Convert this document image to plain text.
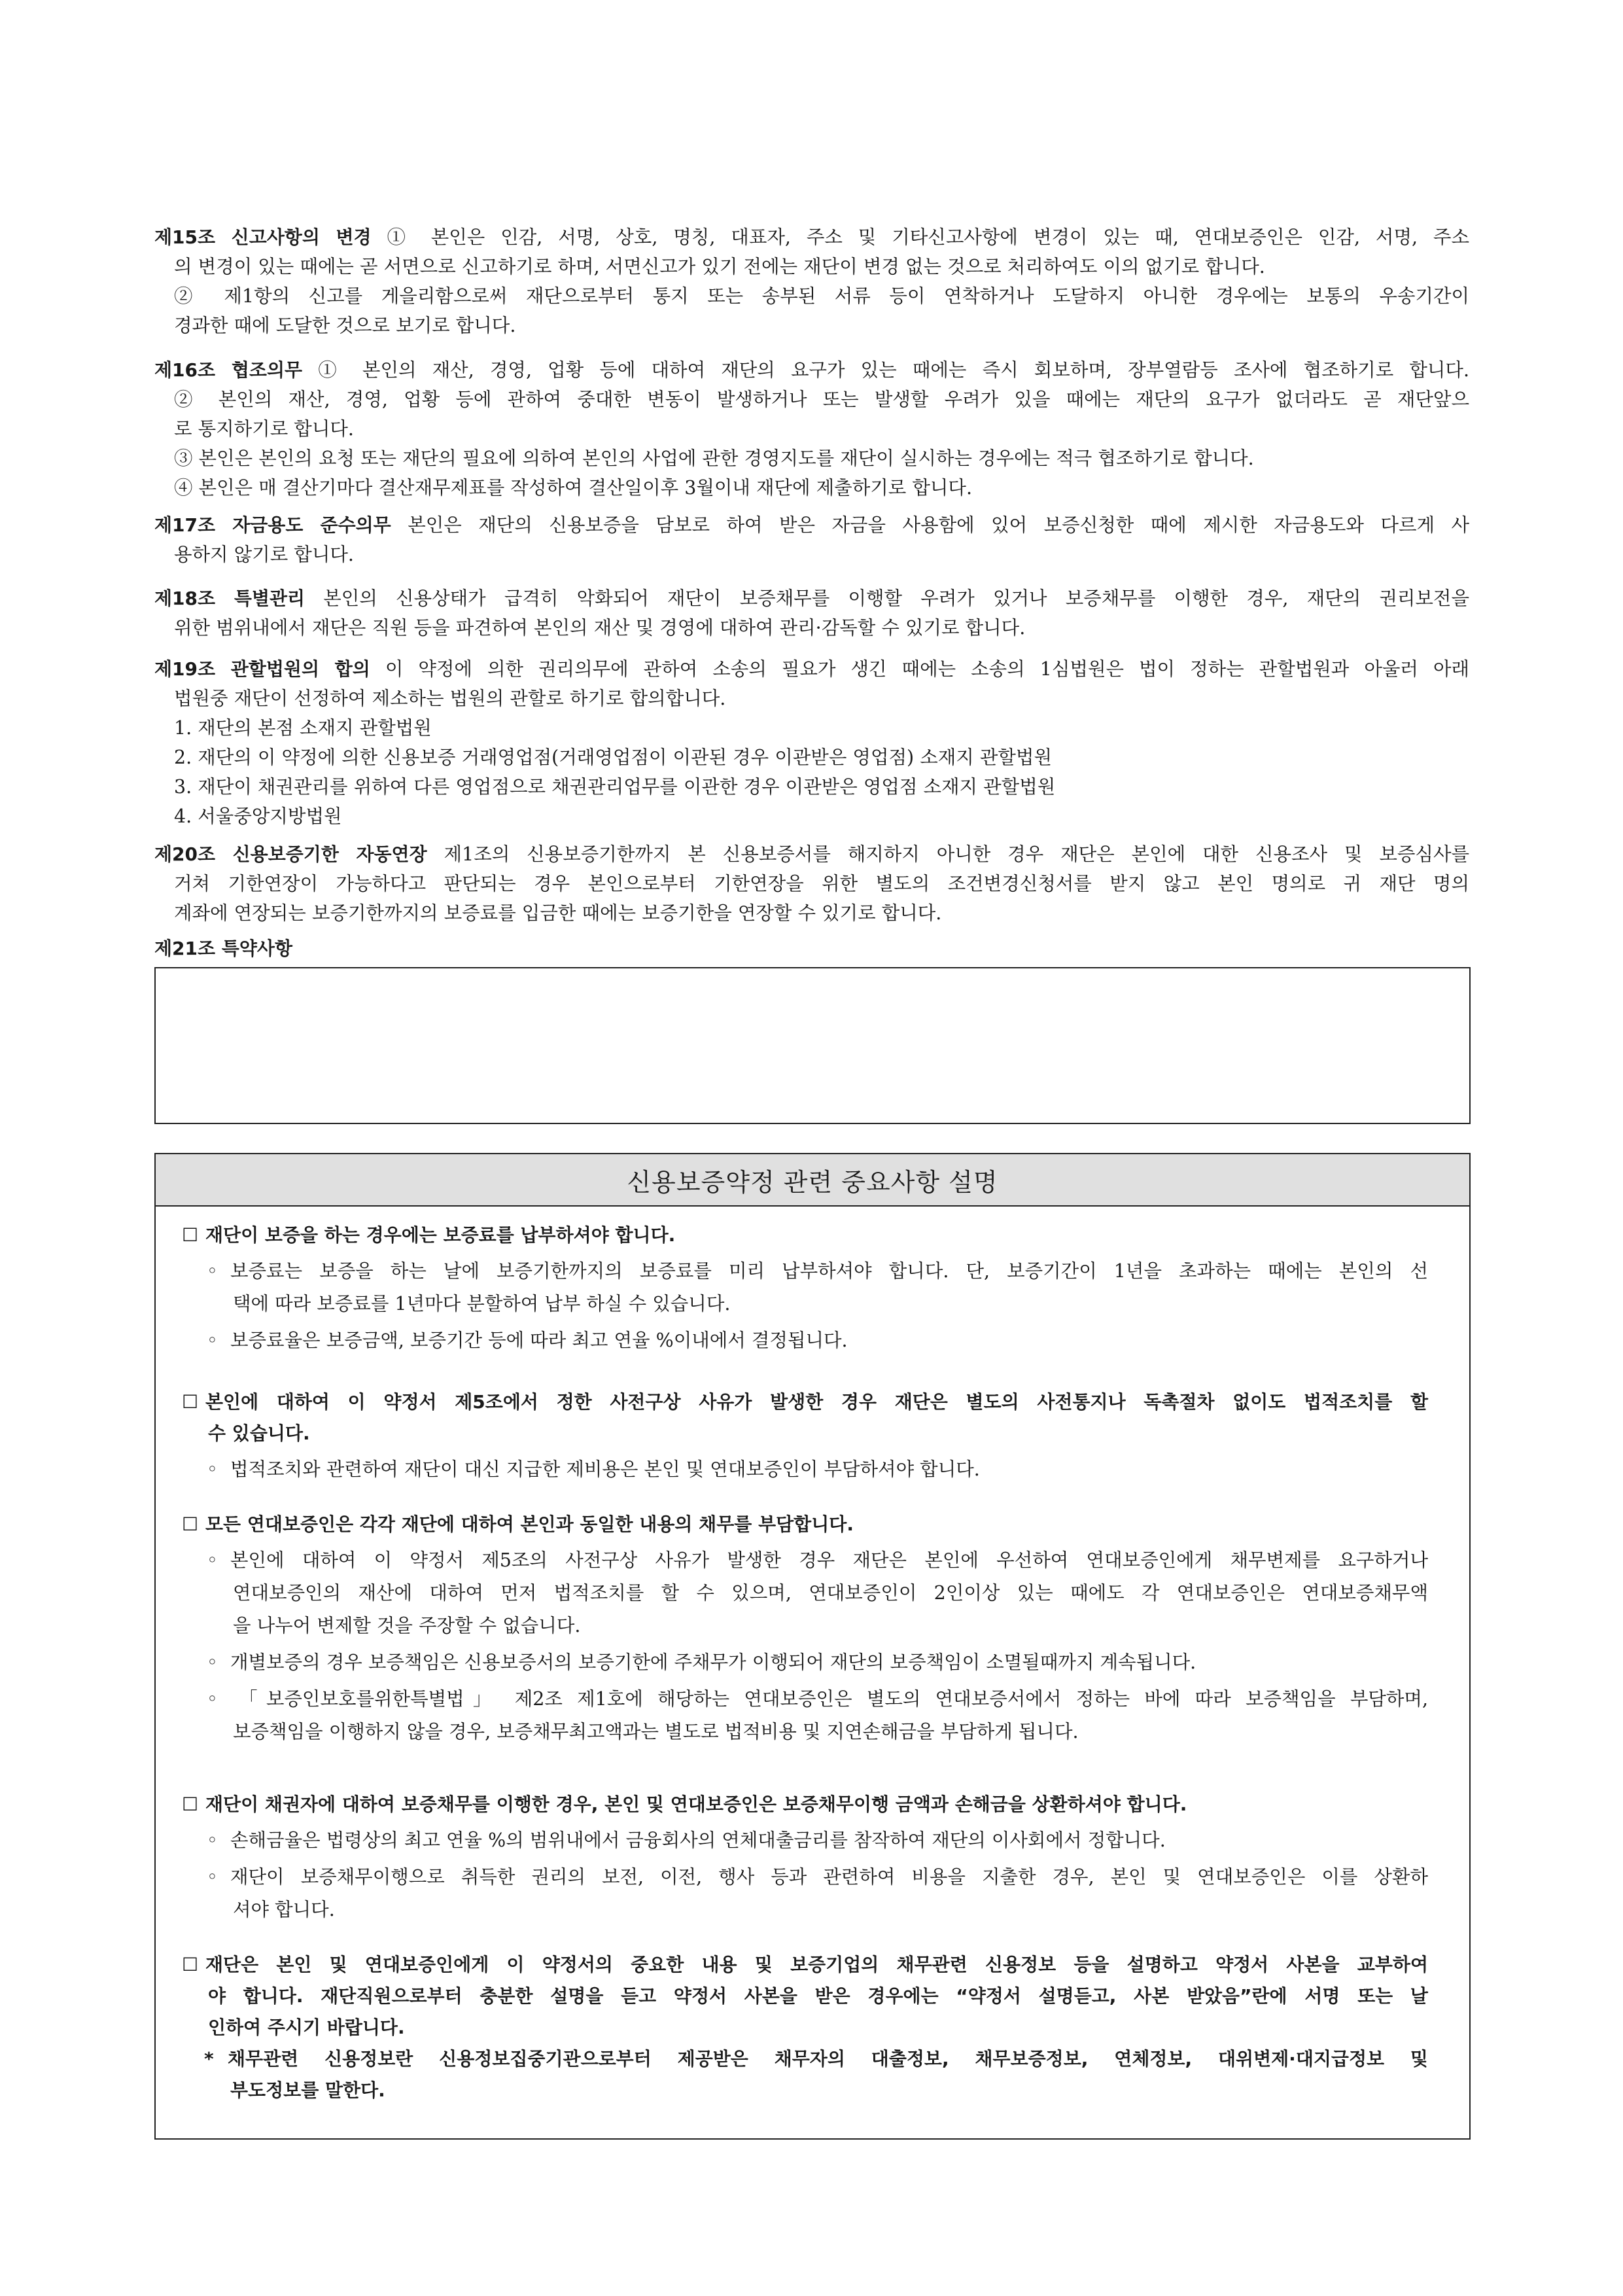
제15조 신고사항의 변경 ① 본인은 인감, 서명, 상호, 명칭, 대표자, 주소 및 기타신고사항에 변경이 있는 때, 연대보증인은 인감, 서명, 주소
의 변경이 있는 때에는 곧 서면으로 신고하기로 하며, 서면신고가 있기 전에는 재단이 변경 없는 것으로 처리하여도 이의 없기로 합니다.
② 제1항의 신고를 게을리함으로써 재단으로부터 통지 또는 송부된 서류 등이 연착하거나 도달하지 아니한 경우에는 보통의 우송기간이
경과한 때에 도달한 것으로 보기로 합니다.
제16조 협조의무 ① 본인의 재산, 경영, 업황 등에 대하여 재단의 요구가 있는 때에는 즉시 회보하며, 장부열람등 조사에 협조하기로 합니다.
② 본인의 재산, 경영, 업황 등에 관하여 중대한 변동이 발생하거나 또는 발생할 우려가 있을 때에는 재단의 요구가 없더라도 곧 재단앞으
로 통지하기로 합니다.
③ 본인은 본인의 요청 또는 재단의 필요에 의하여 본인의 사업에 관한 경영지도를 재단이 실시하는 경우에는 적극 협조하기로 합니다.
④ 본인은 매 결산기마다 결산재무제표를 작성하여 결산일이후 3월이내 재단에 제출하기로 합니다.
제17조 자금용도 준수의무 본인은 재단의 신용보증을 담보로 하여 받은 자금을 사용함에 있어 보증신청한 때에 제시한 자금용도와 다르게 사
용하지 않기로 합니다.
제18조 특별관리 본인의 신용상태가 급격히 악화되어 재단이 보증채무를 이행할 우려가 있거나 보증채무를 이행한 경우, 재단의 권리보전을
위한 범위내에서 재단은 직원 등을 파견하여 본인의 재산 및 경영에 대하여 관리·감독할 수 있기로 합니다.
제19조 관할법원의 합의 이 약정에 의한 권리의무에 관하여 소송의 필요가 생긴 때에는 소송의 1심법원은 법이 정하는 관할법원과 아울러 아래
법원중 재단이 선정하여 제소하는 법원의 관할로 하기로 합의합니다.
1. 재단의 본점 소재지 관할법원
2. 재단의 이 약정에 의한 신용보증 거래영업점(거래영업점이 이관된 경우 이관받은 영업점) 소재지 관할법원
3. 재단이 채권관리를 위하여 다른 영업점으로 채권관리업무를 이관한 경우 이관받은 영업점 소재지 관할법원
4. 서울중앙지방법원
제20조 신용보증기한 자동연장 제1조의 신용보증기한까지 본 신용보증서를 해지하지 아니한 경우 재단은 본인에 대한 신용조사 및 보증심사를
거쳐 기한연장이 가능하다고 판단되는 경우 본인으로부터 기한연장을 위한 별도의 조건변경신청서를 받지 않고 본인 명의로 귀 재단 명의
계좌에 연장되는 보증기한까지의 보증료를 입금한 때에는 보증기한을 연장할 수 있기로 합니다.
제21조 특약사항
신용보증약정 관련 중요사항 설명
☐ 재단이 보증을 하는 경우에는 보증료를 납부하셔야 합니다.
◦ 보증료는 보증을 하는 날에 보증기한까지의 보증료를 미리 납부하셔야 합니다. 단, 보증기간이 1년을 초과하는 때에는 본인의 선
택에 따라 보증료를 1년마다 분할하여 납부 하실 수 있습니다.
◦ 보증료율은 보증금액, 보증기간 등에 따라 최고 연율 %이내에서 결정됩니다.
☐ 본인에 대하여 이 약정서 제5조에서 정한 사전구상 사유가 발생한 경우 재단은 별도의 사전통지나 독촉절차 없이도 법적조치를 할
수 있습니다.
◦ 법적조치와 관련하여 재단이 대신 지급한 제비용은 본인 및 연대보증인이 부담하셔야 합니다.
☐ 모든 연대보증인은 각각 재단에 대하여 본인과 동일한 내용의 채무를 부담합니다.
◦ 본인에 대하여 이 약정서 제5조의 사전구상 사유가 발생한 경우 재단은 본인에 우선하여 연대보증인에게 채무변제를 요구하거나
연대보증인의 재산에 대하여 먼저 법적조치를 할 수 있으며, 연대보증인이 2인이상 있는 때에도 각 연대보증인은 연대보증채무액
을 나누어 변제할 것을 주장할 수 없습니다.
◦ 개별보증의 경우 보증책임은 신용보증서의 보증기한에 주채무가 이행되어 재단의 보증책임이 소멸될때까지 계속됩니다.
◦ 「보증인보호를위한특별법」 제2조 제1호에 해당하는 연대보증인은 별도의 연대보증서에서 정하는 바에 따라 보증책임을 부담하며,
보증책임을 이행하지 않을 경우, 보증채무최고액과는 별도로 법적비용 및 지연손해금을 부담하게 됩니다.
☐ 재단이 채권자에 대하여 보증채무를 이행한 경우, 본인 및 연대보증인은 보증채무이행 금액과 손해금을 상환하셔야 합니다.
◦ 손해금율은 법령상의 최고 연율 %의 범위내에서 금융회사의 연체대출금리를 참작하여 재단의 이사회에서 정합니다.
◦ 재단이 보증채무이행으로 취득한 권리의 보전, 이전, 행사 등과 관련하여 비용을 지출한 경우, 본인 및 연대보증인은 이를 상환하
셔야 합니다.
☐ 재단은 본인 및 연대보증인에게 이 약정서의 중요한 내용 및 보증기업의 채무관련 신용정보 등을 설명하고 약정서 사본을 교부하여
야 합니다. 재단직원으로부터 충분한 설명을 듣고 약정서 사본을 받은 경우에는 “약정서 설명듣고, 사본 받았음”란에 서명 또는 날
인하여 주시기 바랍니다.
* 채무관련 신용정보란 신용정보집중기관으로부터 제공받은 채무자의 대출정보, 채무보증정보, 연체정보, 대위변제·대지급정보 및
부도정보를 말한다.
